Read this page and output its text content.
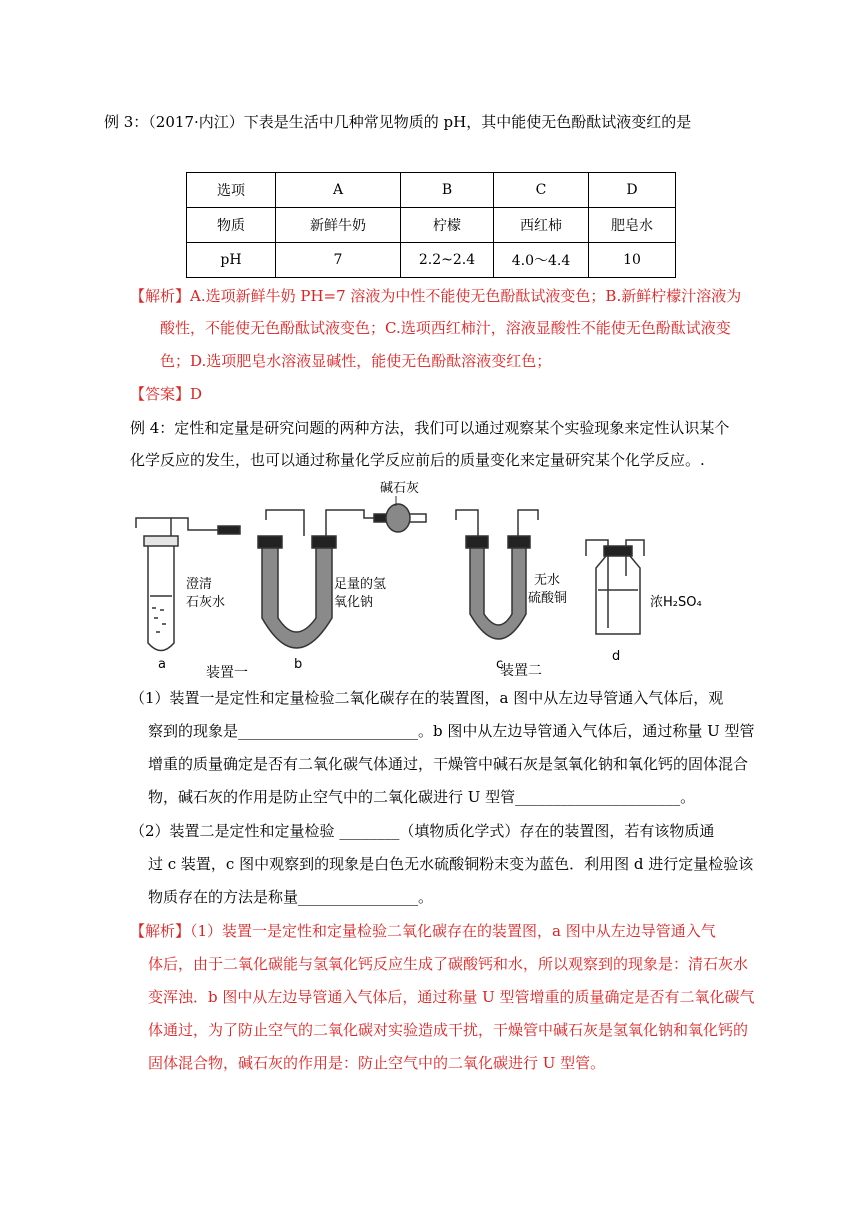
例 3：（2017·内江）下表是生活中几种常见物质的 pH，其中能使无色酚酞试液变红的是
选项	A	B	C	D
物质	新鲜牛奶	柠檬	西红柿	肥皂水
pH	7	2.2~2.4	4.0～4.4	10
【解析】A.选项新鲜牛奶 PH=7 溶液为中性不能使无色酚酞试液变色；B.新鲜柠檬汁溶液为
酸性，不能使无色酚酞试液变色；C.选项西红柿汁，溶液显酸性不能使无色酚酞试液变
色；D.选项肥皂水溶液显碱性，能使无色酚酞溶液变红色；
【答案】D
例 4：定性和定量是研究问题的两种方法，我们可以通过观察某个实验现象来定性认识某个
化学反应的发生，也可以通过称量化学反应前后的质量变化来定量研究某个化学反应。.
澄清
石灰水
a
碱石灰
足量的氢
氧化钠
b
无水
硫酸铜
c
浓H₂SO₄
d
装置一	装置二
（1）装置一是定性和定量检验二氧化碳存在的装置图，a 图中从左边导管通入气体后，观
察到的现象是________________________。b 图中从左边导管通入气体后，通过称量 U 型管
增重的质量确定是否有二氧化碳气体通过，干燥管中碱石灰是氢氧化钠和氧化钙的固体混合
物，碱石灰的作用是防止空气中的二氧化碳进行 U 型管______________________。
（2）装置二是定性和定量检验 ________（填物质化学式）存在的装置图，若有该物质通
过 c 装置，c 图中观察到的现象是白色无水硫酸铜粉末变为蓝色．利用图 d 进行定量检验该
物质存在的方法是称量________________。
【解析】（1）装置一是定性和定量检验二氧化碳存在的装置图，a 图中从左边导管通入气
体后，由于二氧化碳能与氢氧化钙反应生成了碳酸钙和水，所以观察到的现象是：清石灰水
变浑浊．b 图中从左边导管通入气体后，通过称量 U 型管增重的质量确定是否有二氧化碳气
体通过，为了防止空气的二氧化碳对实验造成干扰，干燥管中碱石灰是氢氧化钠和氧化钙的
固体混合物，碱石灰的作用是：防止空气中的二氧化碳进行 U 型管。
